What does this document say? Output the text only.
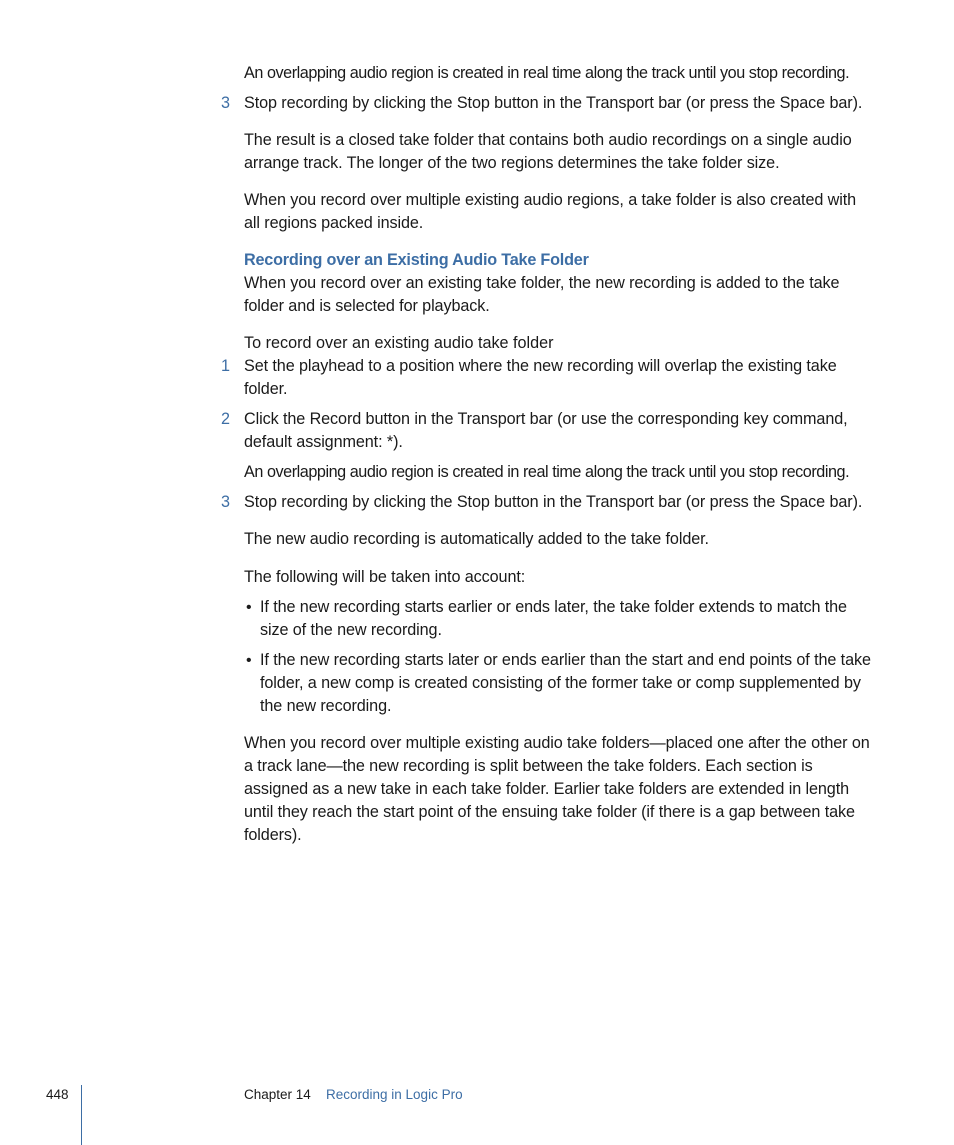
An overlapping audio region is created in real time along the track until you stop recording.
3 Stop recording by clicking the Stop button in the Transport bar (or press the Space bar).
The result is a closed take folder that contains both audio recordings on a single audio arrange track. The longer of the two regions determines the take folder size.
When you record over multiple existing audio regions, a take folder is also created with all regions packed inside.
Recording over an Existing Audio Take Folder
When you record over an existing take folder, the new recording is added to the take folder and is selected for playback.
To record over an existing audio take folder
1 Set the playhead to a position where the new recording will overlap the existing take folder.
2 Click the Record button in the Transport bar (or use the corresponding key command, default assignment: *).
An overlapping audio region is created in real time along the track until you stop recording.
3 Stop recording by clicking the Stop button in the Transport bar (or press the Space bar).
The new audio recording is automatically added to the take folder.
The following will be taken into account:
• If the new recording starts earlier or ends later, the take folder extends to match the size of the new recording.
• If the new recording starts later or ends earlier than the start and end points of the take folder, a new comp is created consisting of the former take or comp supplemented by the new recording.
When you record over multiple existing audio take folders—placed one after the other on a track lane—the new recording is split between the take folders. Each section is assigned as a new take in each take folder. Earlier take folders are extended in length until they reach the start point of the ensuing take folder (if there is a gap between take folders).
448	Chapter 14 Recording in Logic Pro
